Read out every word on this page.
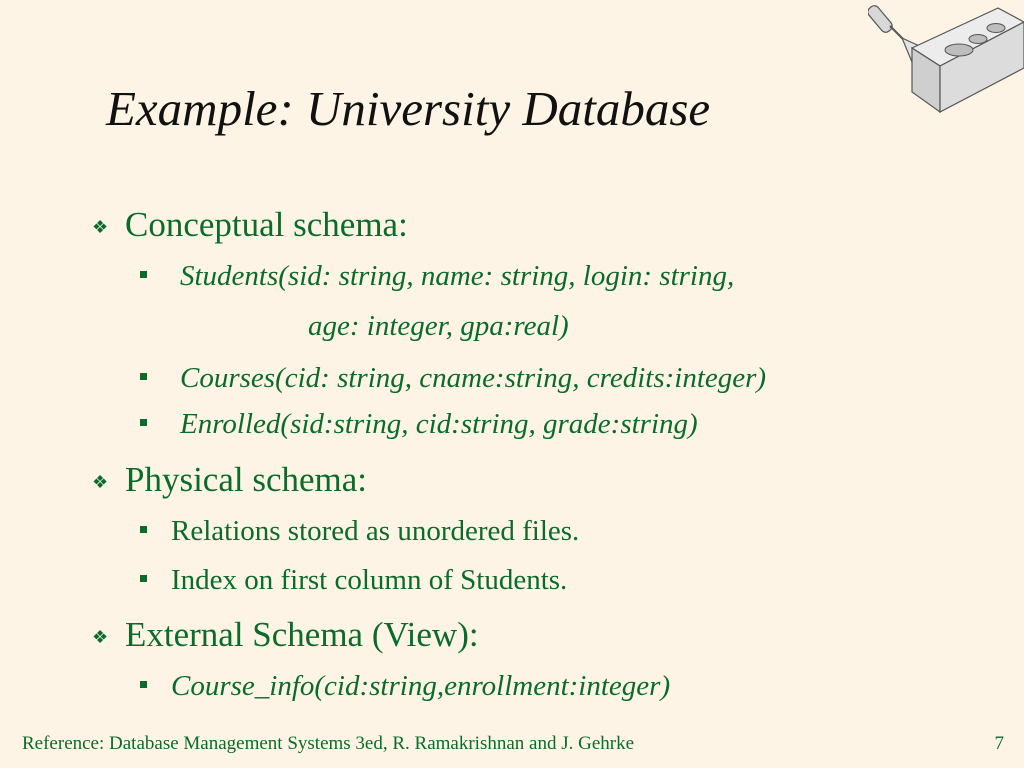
Example: University Database
❖ Conceptual schema:
Students(sid: string, name: string, login: string,
age: integer, gpa:real)
Courses(cid: string, cname:string, credits:integer)
Enrolled(sid:string, cid:string, grade:string)
❖ Physical schema:
Relations stored as unordered files.
Index on first column of Students.
❖ External Schema (View):
Course_info(cid:string,enrollment:integer)
Reference: Database Management Systems 3ed, R. Ramakrishnan and J. Gehrke	7
